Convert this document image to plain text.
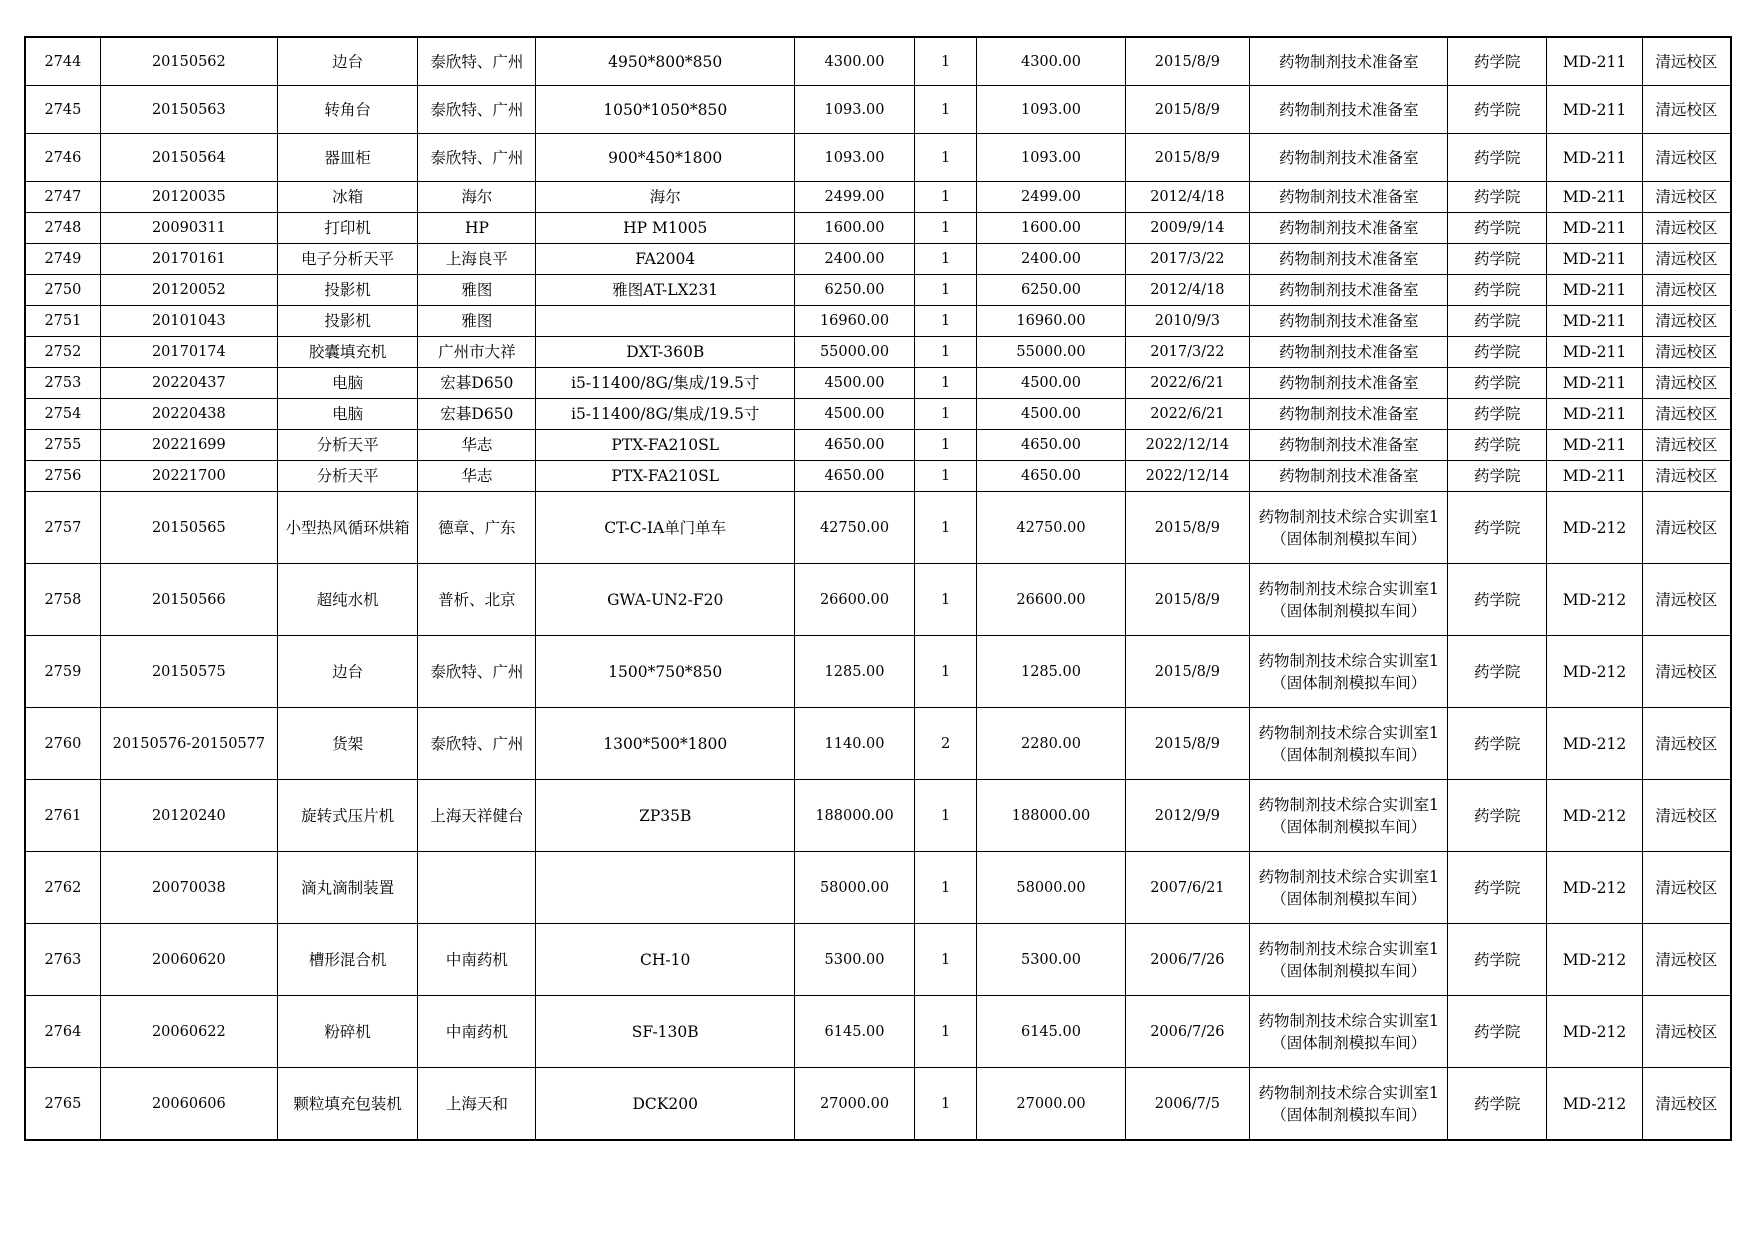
2744	20150562	边台	泰欣特、广州	4950*800*850	4300.00	1	4300.00	2015/8/9	药物制剂技术准备室	药学院	MD-211	清远校区
2745	20150563	转角台	泰欣特、广州	1050*1050*850	1093.00	1	1093.00	2015/8/9	药物制剂技术准备室	药学院	MD-211	清远校区
2746	20150564	器皿柜	泰欣特、广州	900*450*1800	1093.00	1	1093.00	2015/8/9	药物制剂技术准备室	药学院	MD-211	清远校区
2747	20120035	冰箱	海尔	海尔	2499.00	1	2499.00	2012/4/18	药物制剂技术准备室	药学院	MD-211	清远校区
2748	20090311	打印机	HP	HP M1005	1600.00	1	1600.00	2009/9/14	药物制剂技术准备室	药学院	MD-211	清远校区
2749	20170161	电子分析天平	上海良平	FA2004	2400.00	1	2400.00	2017/3/22	药物制剂技术准备室	药学院	MD-211	清远校区
2750	20120052	投影机	雅图	雅图AT-LX231	6250.00	1	6250.00	2012/4/18	药物制剂技术准备室	药学院	MD-211	清远校区
2751	20101043	投影机	雅图		16960.00	1	16960.00	2010/9/3	药物制剂技术准备室	药学院	MD-211	清远校区
2752	20170174	胶囊填充机	广州市大祥	DXT-360B	55000.00	1	55000.00	2017/3/22	药物制剂技术准备室	药学院	MD-211	清远校区
2753	20220437	电脑	宏碁D650	i5-11400/8G/集成/19.5寸	4500.00	1	4500.00	2022/6/21	药物制剂技术准备室	药学院	MD-211	清远校区
2754	20220438	电脑	宏碁D650	i5-11400/8G/集成/19.5寸	4500.00	1	4500.00	2022/6/21	药物制剂技术准备室	药学院	MD-211	清远校区
2755	20221699	分析天平	华志	PTX-FA210SL	4650.00	1	4650.00	2022/12/14	药物制剂技术准备室	药学院	MD-211	清远校区
2756	20221700	分析天平	华志	PTX-FA210SL	4650.00	1	4650.00	2022/12/14	药物制剂技术准备室	药学院	MD-211	清远校区
2757	20150565	小型热风循环烘箱	德章、广东	CT-C-IA单门单车	42750.00	1	42750.00	2015/8/9	药物制剂技术综合实训室1（固体制剂模拟车间）	药学院	MD-212	清远校区
2758	20150566	超纯水机	普析、北京	GWA-UN2-F20	26600.00	1	26600.00	2015/8/9	药物制剂技术综合实训室1（固体制剂模拟车间）	药学院	MD-212	清远校区
2759	20150575	边台	泰欣特、广州	1500*750*850	1285.00	1	1285.00	2015/8/9	药物制剂技术综合实训室1（固体制剂模拟车间）	药学院	MD-212	清远校区
2760	20150576-20150577	货架	泰欣特、广州	1300*500*1800	1140.00	2	2280.00	2015/8/9	药物制剂技术综合实训室1（固体制剂模拟车间）	药学院	MD-212	清远校区
2761	20120240	旋转式压片机	上海天祥健台	ZP35B	188000.00	1	188000.00	2012/9/9	药物制剂技术综合实训室1（固体制剂模拟车间）	药学院	MD-212	清远校区
2762	20070038	滴丸滴制装置			58000.00	1	58000.00	2007/6/21	药物制剂技术综合实训室1（固体制剂模拟车间）	药学院	MD-212	清远校区
2763	20060620	槽形混合机	中南药机	CH-10	5300.00	1	5300.00	2006/7/26	药物制剂技术综合实训室1（固体制剂模拟车间）	药学院	MD-212	清远校区
2764	20060622	粉碎机	中南药机	SF-130B	6145.00	1	6145.00	2006/7/26	药物制剂技术综合实训室1（固体制剂模拟车间）	药学院	MD-212	清远校区
2765	20060606	颗粒填充包装机	上海天和	DCK200	27000.00	1	27000.00	2006/7/5	药物制剂技术综合实训室1（固体制剂模拟车间）	药学院	MD-212	清远校区
